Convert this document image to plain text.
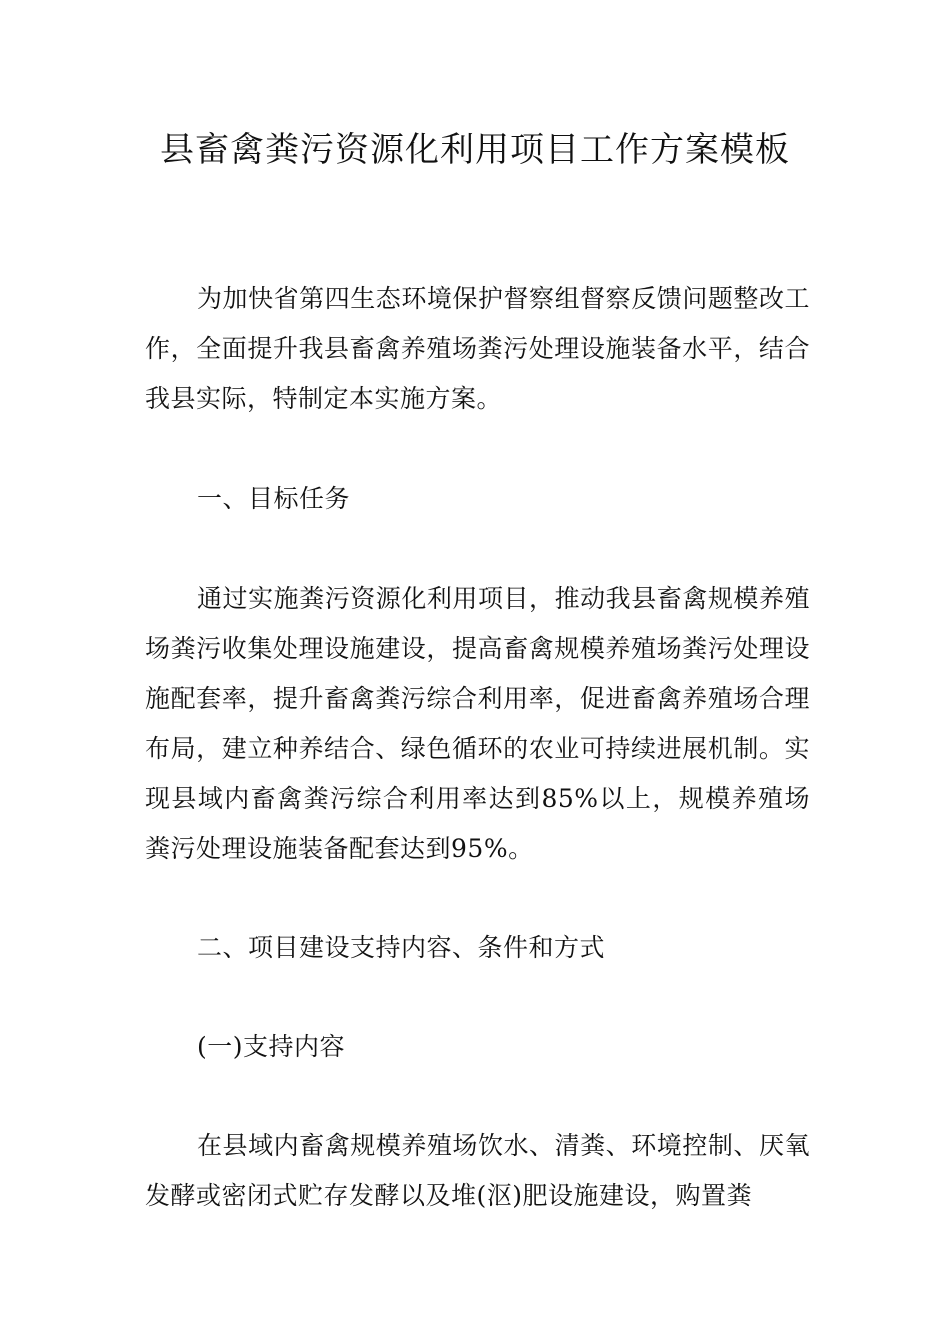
县畜禽粪污资源化利用项目工作方案模板

为加快省第四生态环境保护督察组督察反馈问题整改工作，全面提升我县畜禽养殖场粪污处理设施装备水平，结合我县实际，特制定本实施方案。

一、目标任务

通过实施粪污资源化利用项目，推动我县畜禽规模养殖场粪污收集处理设施建设，提高畜禽规模养殖场粪污处理设施配套率，提升畜禽粪污综合利用率，促进畜禽养殖场合理布局，建立种养结合、绿色循环的农业可持续进展机制。实现县域内畜禽粪污综合利用率达到85%以上，规模养殖场粪污处理设施装备配套达到95%。

二、项目建设支持内容、条件和方式

(一)支持内容

在县域内畜禽规模养殖场饮水、清粪、环境控制、厌氧发酵或密闭式贮存发酵以及堆(沤)肥设施建设，购置粪
